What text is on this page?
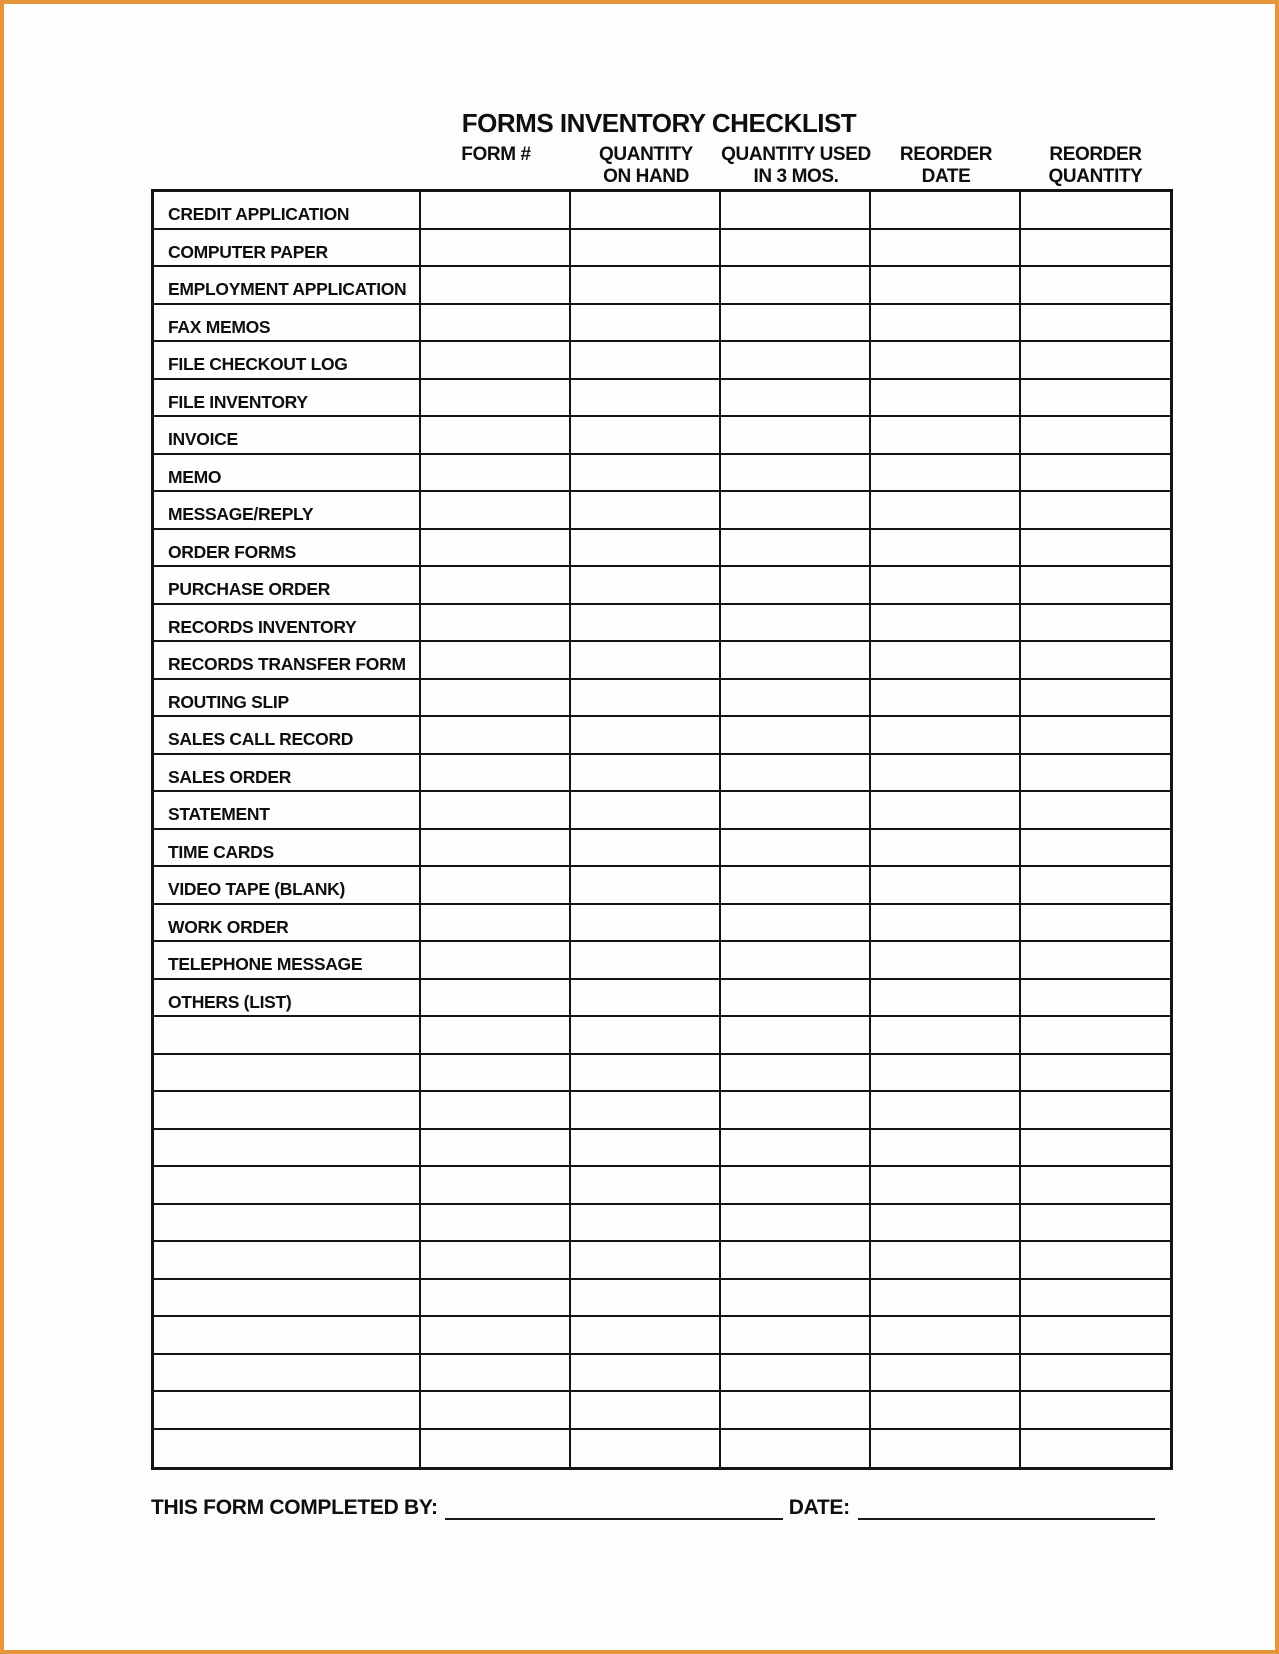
FORMS INVENTORY CHECKLIST
FORM #	QUANTITY
ON HAND
QUANTITY USED
IN 3 MOS.
REORDER
DATE
REORDER
QUANTITY
CREDIT APPLICATION
COMPUTER PAPER
EMPLOYMENT APPLICATION
FAX MEMOS
FILE CHECKOUT LOG
FILE INVENTORY
INVOICE
MEMO
MESSAGE/REPLY
ORDER FORMS
PURCHASE ORDER
RECORDS INVENTORY
RECORDS TRANSFER FORM
ROUTING SLIP
SALES CALL RECORD
SALES ORDER
STATEMENT
TIME CARDS
VIDEO TAPE (BLANK)
WORK ORDER
TELEPHONE MESSAGE
OTHERS (LIST)
THIS FORM COMPLETED BY:	DATE:
